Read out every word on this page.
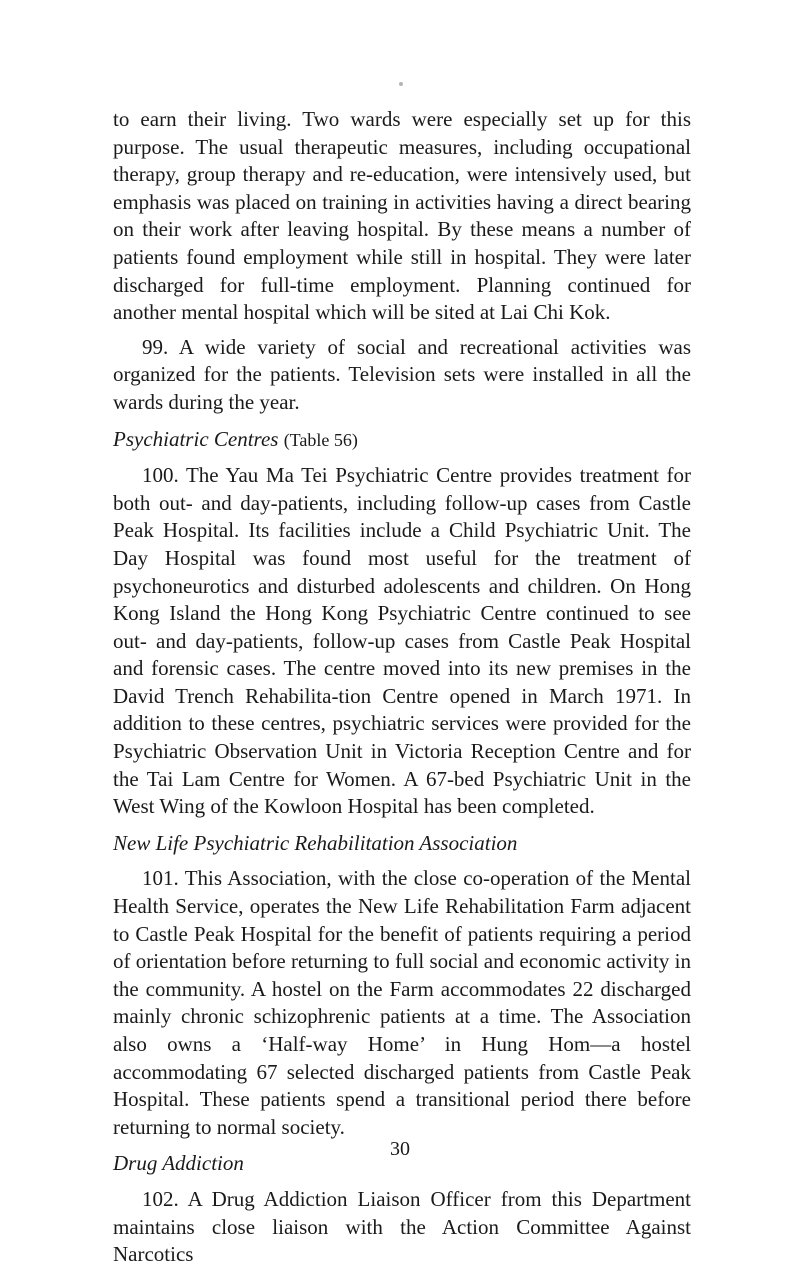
to earn their living. Two wards were especially set up for this purpose. The usual therapeutic measures, including occupational therapy, group therapy and re-education, were intensively used, but emphasis was placed on training in activities having a direct bearing on their work after leaving hospital. By these means a number of patients found employment while still in hospital. They were later discharged for full-time employment. Planning continued for another mental hospital which will be sited at Lai Chi Kok.

99. A wide variety of social and recreational activities was organized for the patients. Television sets were installed in all the wards during the year.

Psychiatric Centres (Table 56)

100. The Yau Ma Tei Psychiatric Centre provides treatment for both out- and day-patients, including follow-up cases from Castle Peak Hospital. Its facilities include a Child Psychiatric Unit. The Day Hospital was found most useful for the treatment of psychoneurotics and disturbed adolescents and children. On Hong Kong Island the Hong Kong Psychiatric Centre continued to see out- and day-patients, follow-up cases from Castle Peak Hospital and forensic cases. The centre moved into its new premises in the David Trench Rehabilita-tion Centre opened in March 1971. In addition to these centres, psychiatric services were provided for the Psychiatric Observation Unit in Victoria Reception Centre and for the Tai Lam Centre for Women. A 67-bed Psychiatric Unit in the West Wing of the Kowloon Hospital has been completed.

New Life Psychiatric Rehabilitation Association

101. This Association, with the close co-operation of the Mental Health Service, operates the New Life Rehabilitation Farm adjacent to Castle Peak Hospital for the benefit of patients requiring a period of orientation before returning to full social and economic activity in the community. A hostel on the Farm accommodates 22 discharged mainly chronic schizophrenic patients at a time. The Association also owns a ‘Half-way Home’ in Hung Hom—a hostel accommodating 67 selected discharged patients from Castle Peak Hospital. These patients spend a transitional period there before returning to normal society.

Drug Addiction

102. A Drug Addiction Liaison Officer from this Department maintains close liaison with the Action Committee Against Narcotics

30
